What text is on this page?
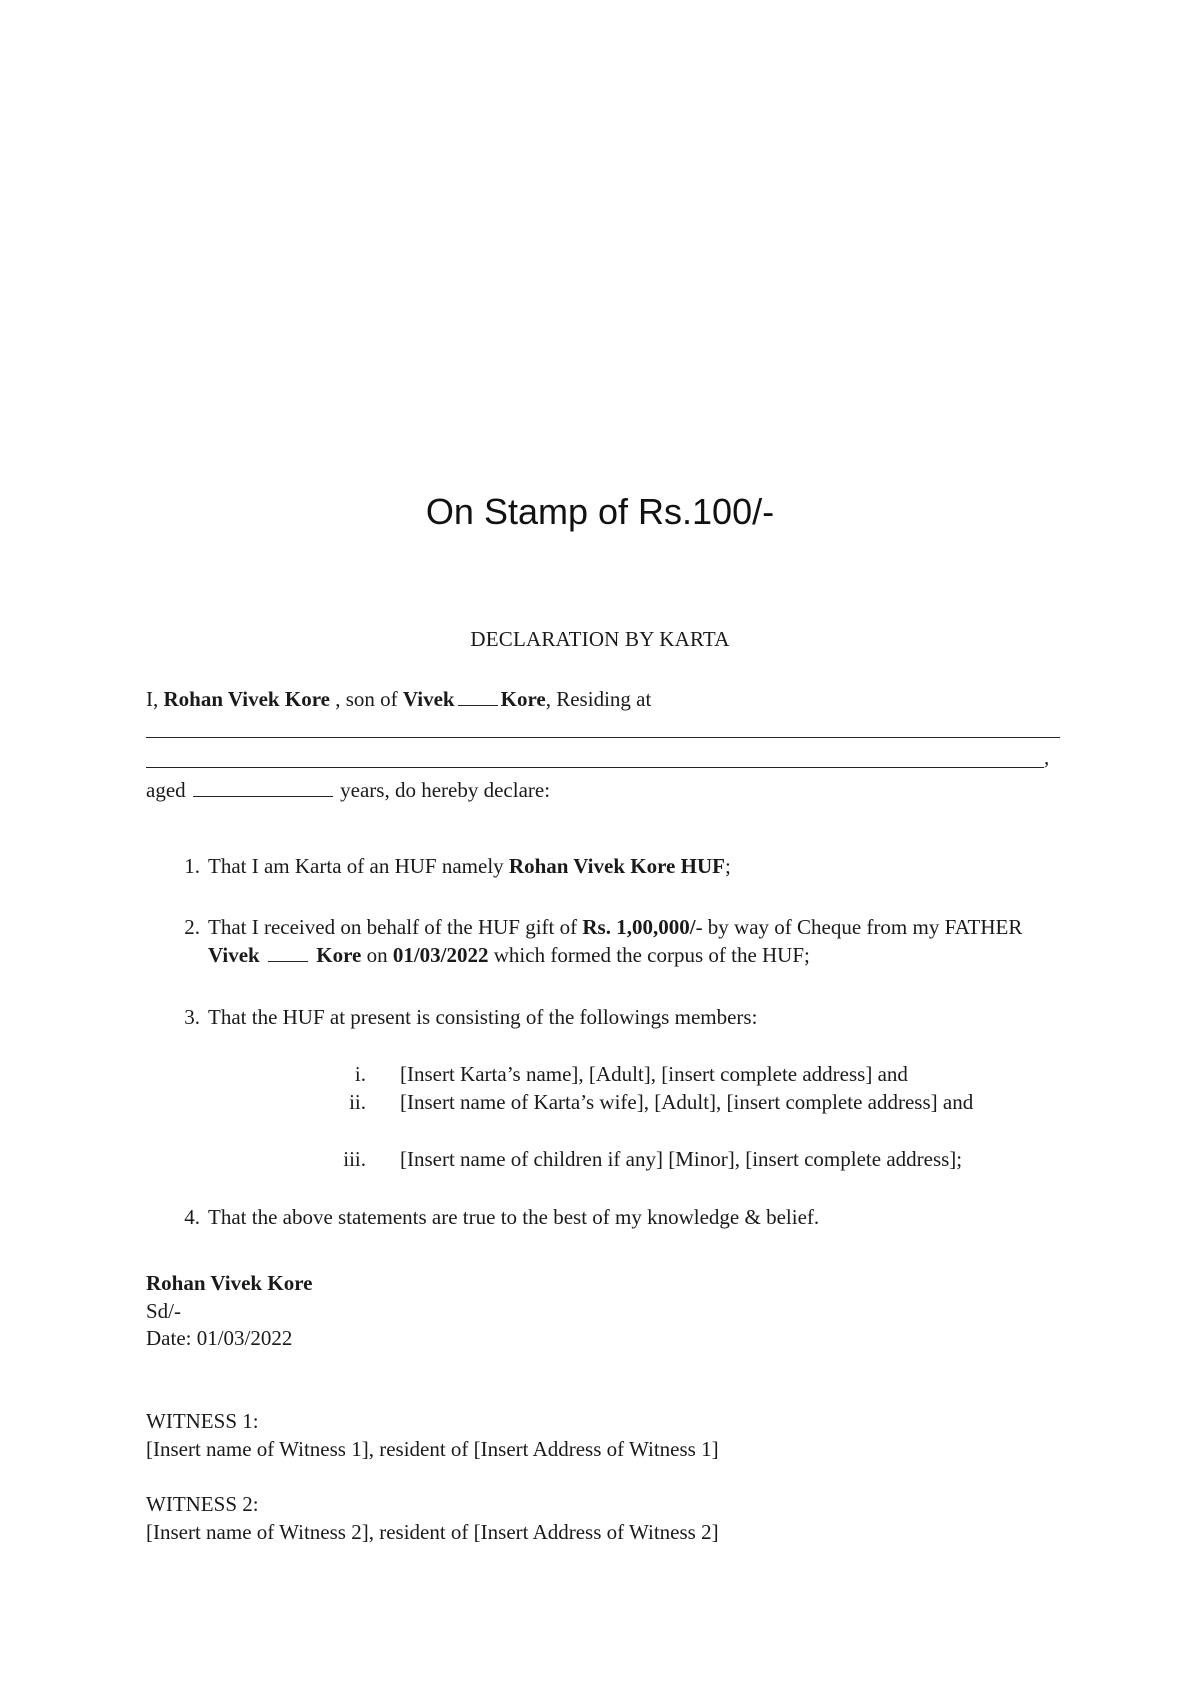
On Stamp of Rs.100/-
DECLARATION BY KARTA
I, Rohan Vivek Kore , son of Vivek Kore, Residing at
,
aged	years, do hereby declare:
1. That I am Karta of an HUF namely Rohan Vivek Kore HUF;
2. That I received on behalf of the HUF gift of Rs. 1,00,000/- by way of Cheque from my FATHER Vivek	Kore on 01/03/2022 which formed the corpus of the HUF;
3. That the HUF at present is consisting of the followings members:
i. [Insert Karta’s name], [Adult], [insert complete address] and
ii. [Insert name of Karta’s wife], [Adult], [insert complete address] and
iii. [Insert name of children if any] [Minor], [insert complete address];
4. That the above statements are true to the best of my knowledge & belief.
Rohan Vivek Kore
Sd/-
Date: 01/03/2022
WITNESS 1:
[Insert name of Witness 1], resident of [Insert Address of Witness 1]
WITNESS 2:
[Insert name of Witness 2], resident of [Insert Address of Witness 2]
